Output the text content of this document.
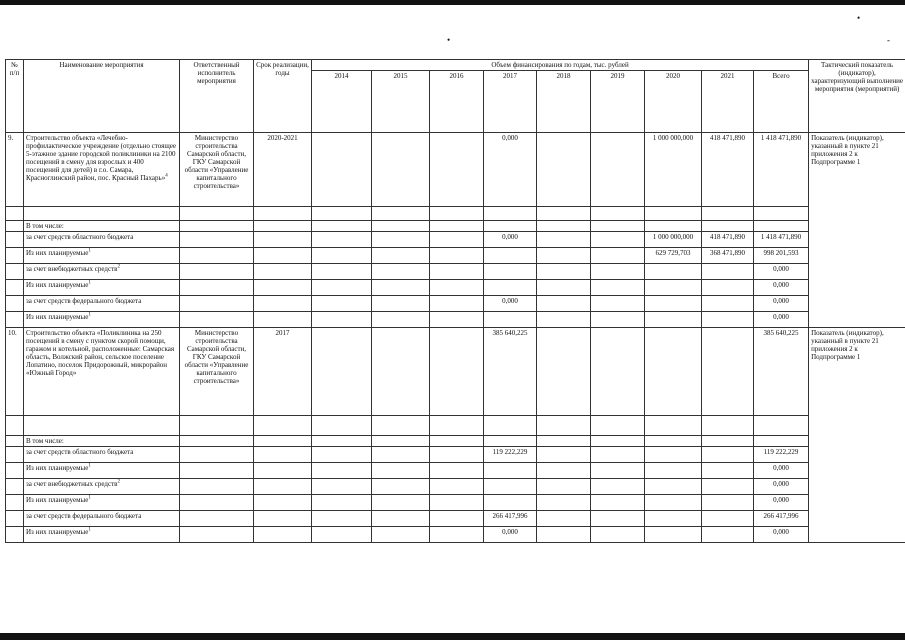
•
•
-
№ п/п	Наименование мероприятия	Ответственный исполнитель мероприятия	Срок реализации, годы	Объем финансирования по годам, тыс. рублей									Тактический показатель (индикатор), характеризующий выполнение мероприятия (мероприятий)
				2014	2015	2016	2017	2018	2019	2020	2021	Всего	
9.	Строительство объекта «Лечебно-профилактическое учреждение (отдельно стоящее 5-этажное здание городской поликлиники на 2100 посещений в смену для взрослых и 400 посещений для детей) в г.о. Самара, Красноглинский район, пос. Красный Пахарь»$^4$	Министерство строительства Самарской области, ГКУ Самарской области «Управление капитального строительства»	2020-2021				0,000			1 000 000,000	418 471,890	1 418 471,890	Показатель (индикатор), указанный в пункте 21 приложения 2 к Подпрограмме 1

	В том числе:												
	за счет средств областного бюджета						0,000			1 000 000,000	418 471,890	1 418 471,890	
	Из них планируемые$^1$									629 729,703	368 471,890	998 201,593	
	за счет внебюджетных средств$^2$											0,000	
	Из них планируемые$^1$											0,000	
	за счет средств федерального бюджета						0,000					0,000	
	Из них планируемые$^1$											0,000	
10.	Строительство объекта «Поликлиника на 250 посещений в смену с пунктом скорой помощи, гаражом и котельной, расположенные: Самарская область, Волжский район, сельское поселение Лопатино, поселок Придорожный, микрорайон «Южный Город»	Министерство строительства Самарской области, ГКУ Самарской области «Управление капитального строительства»	2017				385 640,225					385 640,225	Показатель (индикатор), указанный в пункте 21 приложения 2 к Подпрограмме 1

	В том числе:												
	за счет средств областного бюджета						119 222,229					119 222,229	
	Из них планируемые$^1$											0,000	
	за счет внебюджетных средств$^2$											0,000	
	Из них планируемые$^1$											0,000	
	за счет средств федерального бюджета						266 417,996					266 417,996	
	Из них планируемые$^1$						0,000					0,000	
